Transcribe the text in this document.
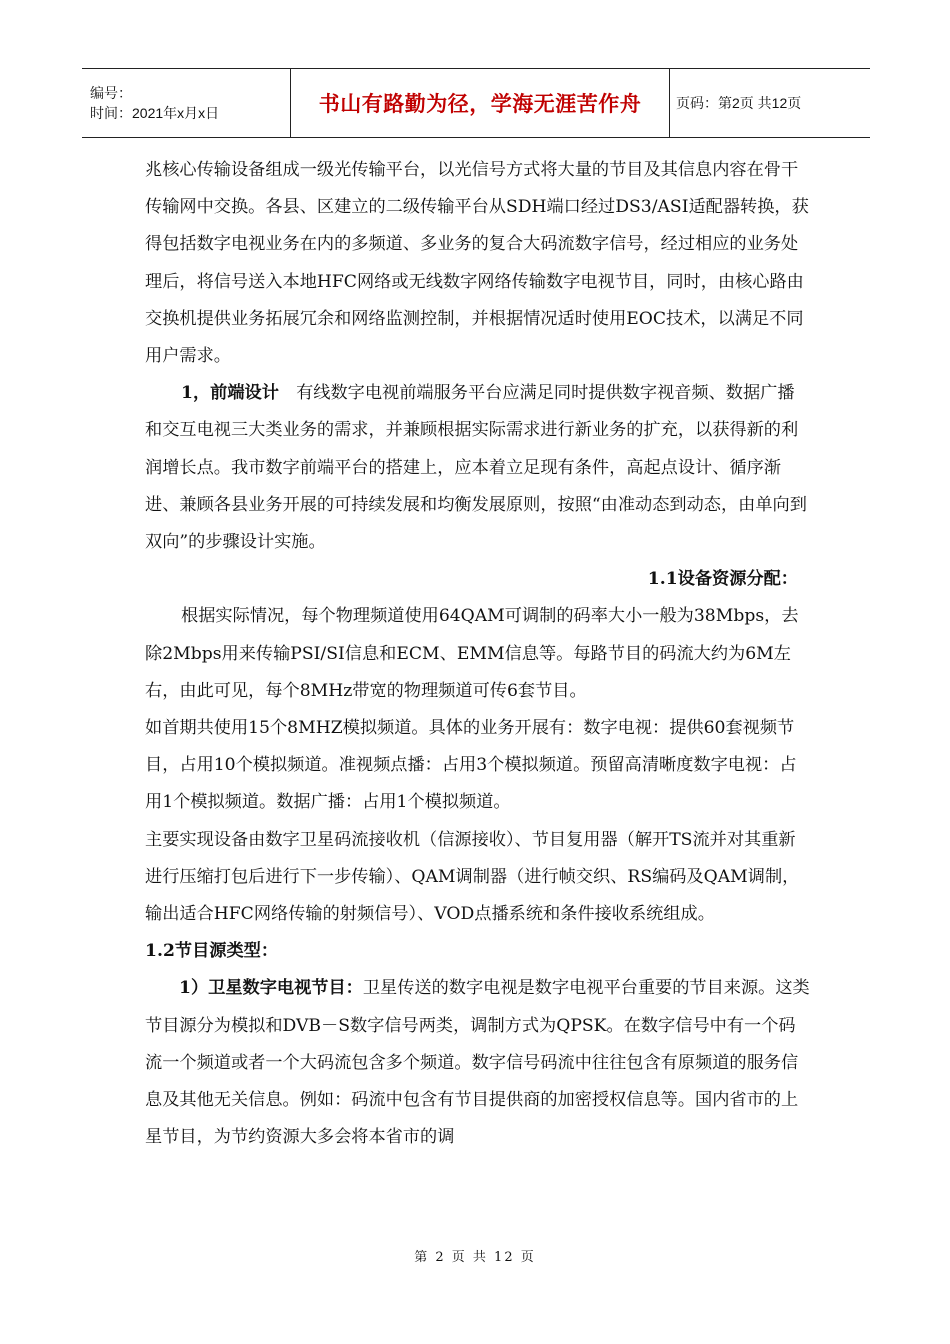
编号：
时间：2021年x月x日	书山有路勤为径，学海无涯苦作舟 页码：第2页 共12页

兆核心传输设备组成一级光传输平台，以光信号方式将大量的节目及其信息内容在骨干传输网中交换。各县、区建立的二级传输平台从SDH端口经过DS3/ASI适配器转换，获得包括数字电视业务在内的多频道、多业务的复合大码流数字信号，经过相应的业务处理后，将信号送入本地HFC网络或无线数字网络传输数字电视节目，同时，由核心路由交换机提供业务拓展冗余和网络监测控制，并根据情况适时使用EOC技术，以满足不同用户需求。

1，前端设计　有线数字电视前端服务平台应满足同时提供数字视音频、数据广播和交互电视三大类业务的需求，并兼顾根据实际需求进行新业务的扩充，以获得新的利润增长点。我市数字前端平台的搭建上，应本着立足现有条件，高起点设计、循序渐进、兼顾各县业务开展的可持续发展和均衡发展原则，按照“由准动态到动态，由单向到双向”的步骤设计实施。

1.1设备资源分配：

根据实际情况，每个物理频道使用64QAM可调制的码率大小一般为38Mbps，去除2Mbps用来传输PSI/SI信息和ECM、EMM信息等。每路节目的码流大约为6M左右，由此可见，每个8MHz带宽的物理频道可传6套节目。

如首期共使用15个8MHZ模拟频道。具体的业务开展有：数字电视：提供60套视频节目，占用10个模拟频道。准视频点播：占用3个模拟频道。预留高清晰度数字电视：占用1个模拟频道。数据广播：占用1个模拟频道。

主要实现设备由数字卫星码流接收机（信源接收）、节目复用器（解开TS流并对其重新进行压缩打包后进行下一步传输）、QAM调制器（进行帧交织、RS编码及QAM调制，输出适合HFC网络传输的射频信号）、VOD点播系统和条件接收系统组成。

1.2节目源类型：

1）卫星数字电视节目：卫星传送的数字电视是数字电视平台重要的节目来源。这类节目源分为模拟和DVB－S数字信号两类，调制方式为QPSK。在数字信号中有一个码流一个频道或者一个大码流包含多个频道。数字信号码流中往往包含有原频道的服务信息及其他无关信息。例如：码流中包含有节目提供商的加密授权信息等。国内省市的上星节目，为节约资源大多会将本省市的调

第 2 页 共 12 页
